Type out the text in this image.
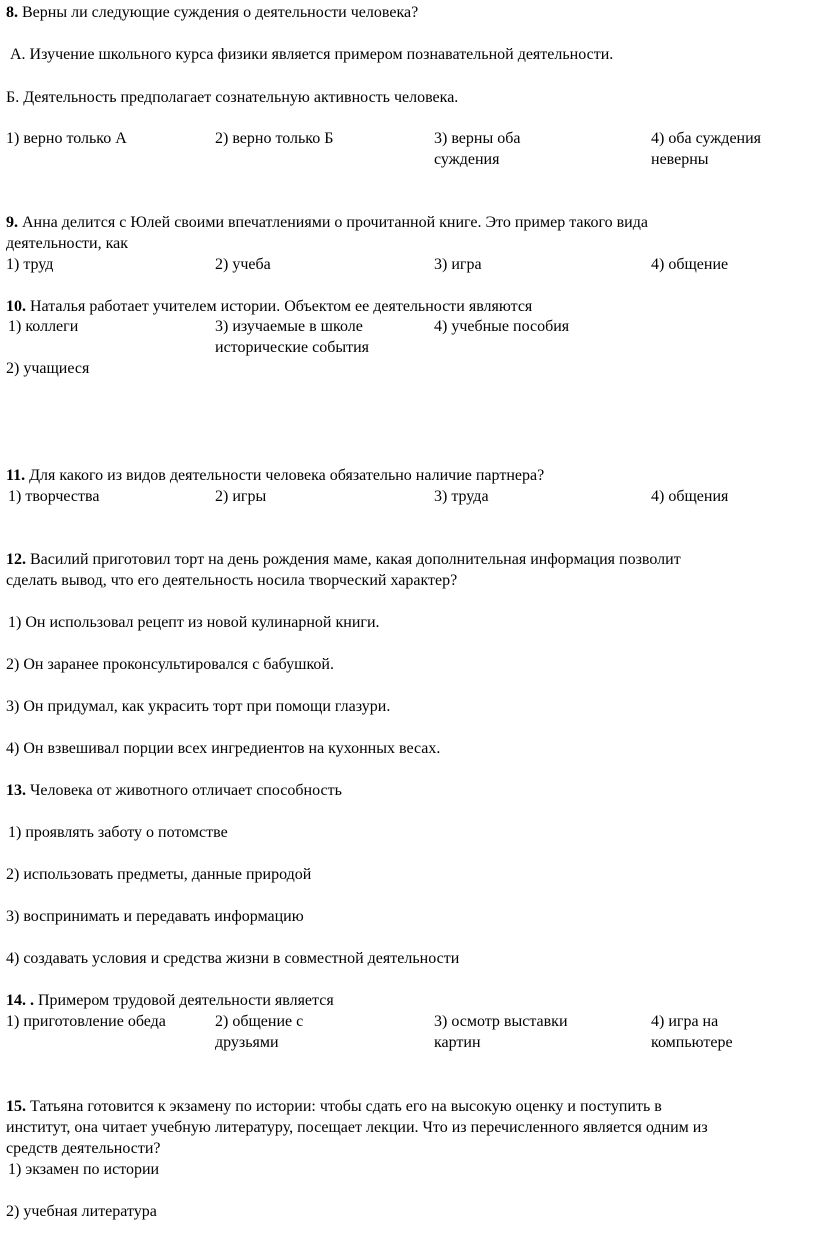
8. Верны ли следующие суждения о деятельности человека?
А. Изучение школьного курса физики является примером познавательной деятельности.
Б. Деятельность предполагает сознательную активность человека.
1) верно только А	2) верно только Б	3) верны оба суждения
4) оба суждения неверны
9. Анна делится с Юлей своими впечатлениями о прочитанной книге. Это пример такого вида
деятельности, как
1) труд	2) учеба	3) игра	4) общение
10. Наталья работает учителем истории. Объектом ее деятельности являются
1) коллеги
2) учащиеся
3) изучаемые в школе исторические события
4) учебные пособия
11. Для какого из видов деятельности человека обязательно наличие партнера?
1) творчества	2) игры	3) труда	4) общения
12. Василий приготовил торт на день рождения маме, какая дополнительная информация позволит
сделать вывод, что его деятельность носила творческий характер?
1) Он использовал рецепт из новой кулинарной книги.
2) Он заранее проконсультировался с бабушкой.
3) Он придумал, как украсить торт при помощи глазури.
4) Он взвешивал порции всех ингредиентов на кухонных весах.
13. Человека от животного отличает способность
1) проявлять заботу о потомстве
2) использовать предметы, данные природой
3) воспринимать и передавать информацию
4) создавать условия и средства жизни в совместной деятельности
14. . Примером трудовой деятельности является
1) приготовление обеда	2) общение с друзьями
3) осмотр выставки картин
4) игра на компьютере
15. Татьяна готовится к экзамену по истории: чтобы сдать его на высокую оценку и поступить в
институт, она читает учебную литературу, посещает лекции. Что из перечисленного является одним из
средств деятельности?
1) экзамен по истории
2) учебная литература
